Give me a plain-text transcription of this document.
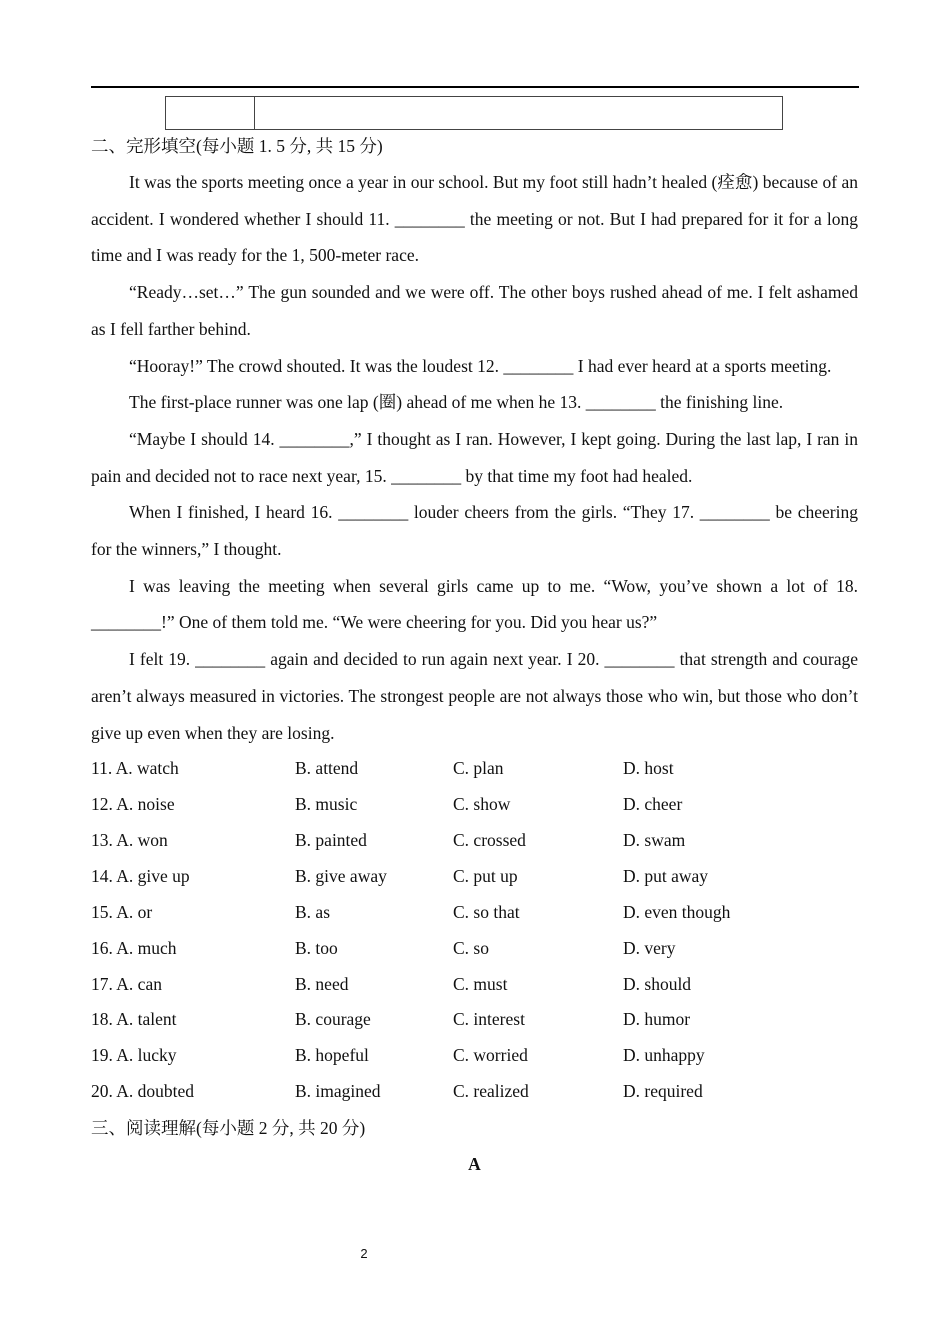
二、完形填空(每小题 1. 5 分, 共 15 分)

It was the sports meeting once a year in our school. But my foot still hadn’t healed (痊愈) because of an accident. I wondered whether I should 11. ________ the meeting or not. But I had prepared for it for a long time and I was ready for the 1, 500-meter race.

“Ready…set…” The gun sounded and we were off. The other boys rushed ahead of me. I felt ashamed as I fell farther behind.

“Hooray!” The crowd shouted. It was the loudest 12. ________ I had ever heard at a sports meeting.

The first-place runner was one lap (圈) ahead of me when he 13. ________ the finishing line.

“Maybe I should 14. ________,” I thought as I ran. However, I kept going. During the last lap, I ran in pain and decided not to race next year, 15. ________ by that time my foot had healed.

When I finished, I heard 16. ________ louder cheers from the girls. “They 17. ________ be cheering for the winners,” I thought.

I was leaving the meeting when several girls came up to me. “Wow, you’ve shown a lot of 18. ________!” One of them told me. “We were cheering for you. Did you hear us?”

I felt 19. ________ again and decided to run again next year. I 20. ________ that strength and courage aren’t always measured in victories. The strongest people are not always those who win, but those who don’t give up even when they are losing.

11. A. watch	B. attend	C. plan	D. host
12. A. noise	B. music	C. show	D. cheer
13. A. won	B. painted	C. crossed	D. swam
14. A. give up	B. give away	C. put up	D. put away
15. A. or	B. as	C. so that	D. even though
16. A. much	B. too	C. so	D. very
17. A. can	B. need	C. must	D. should
18. A. talent	B. courage	C. interest	D. humor
19. A. lucky	B. hopeful	C. worried	D. unhappy
20. A. doubted	B. imagined	C. realized	D. required
三、阅读理解(每小题 2 分, 共 20 分)
A
2
